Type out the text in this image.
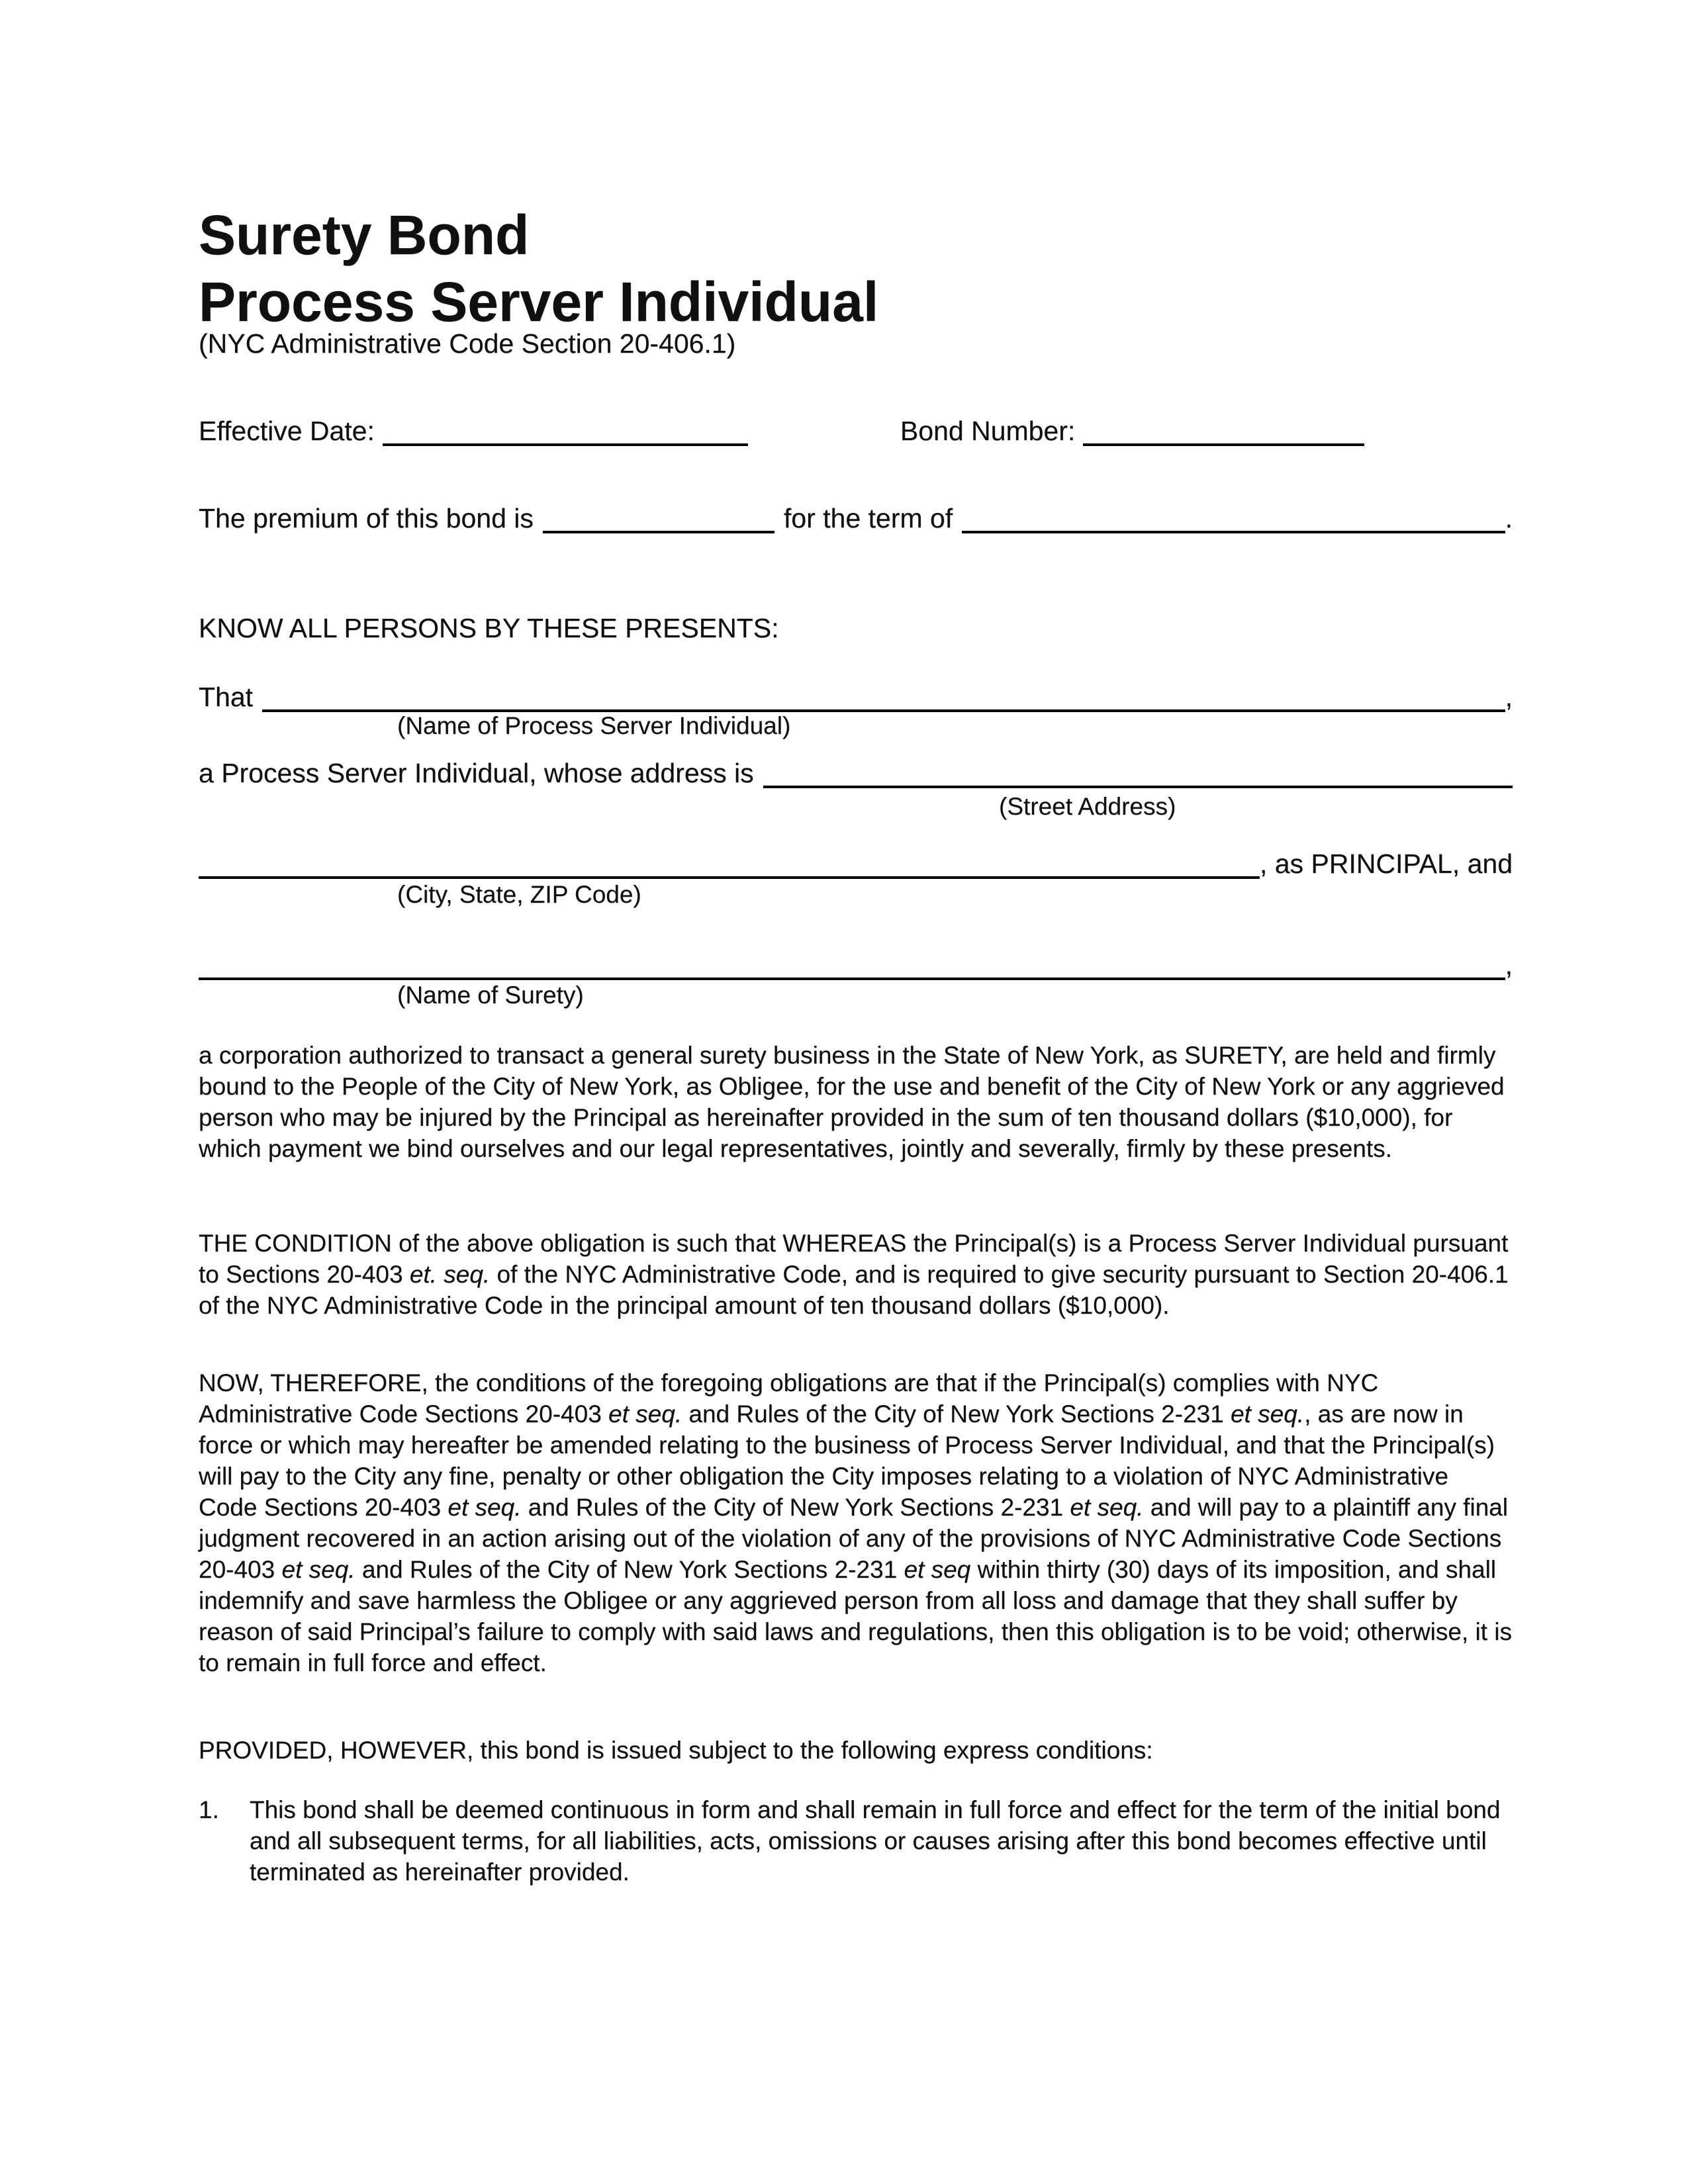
Surety Bond
Process Server Individual
(NYC Administrative Code Section 20-406.1)
Effective Date:	Bond Number:
The premium of this bond is	for the term of	.
KNOW ALL PERSONS BY THESE PRESENTS:
That	,
(Name of Process Server Individual)
a Process Server Individual, whose address is
(Street Address)
, as PRINCIPAL, and
(City, State, ZIP Code)
,
(Name of Surety)
a corporation authorized to transact a general surety business in the State of New York, as SURETY, are held and firmly bound to the People of the City of New York, as Obligee, for the use and benefit of the City of New York or any aggrieved person who may be injured by the Principal as hereinafter provided in the sum of ten thousand dollars ($10,000), for which payment we bind ourselves and our legal representatives, jointly and severally, firmly by these presents.
THE CONDITION of the above obligation is such that WHEREAS the Principal(s) is a Process Server Individual pursuant to Sections 20-403 et. seq. of the NYC Administrative Code, and is required to give security pursuant to Section 20-406.1 of the NYC Administrative Code in the principal amount of ten thousand dollars ($10,000).
NOW, THEREFORE, the conditions of the foregoing obligations are that if the Principal(s) complies with NYC Administrative Code Sections 20-403 et seq. and Rules of the City of New York Sections 2-231 et seq., as are now in force or which may hereafter be amended relating to the business of Process Server Individual, and that the Principal(s) will pay to the City any fine, penalty or other obligation the City imposes relating to a violation of NYC Administrative Code Sections 20-403 et seq. and Rules of the City of New York Sections 2-231 et seq. and will pay to a plaintiff any final judgment recovered in an action arising out of the violation of any of the provisions of NYC Administrative Code Sections 20-403 et seq. and Rules of the City of New York Sections 2-231 et seq within thirty (30) days of its imposition, and shall indemnify and save harmless the Obligee or any aggrieved person from all loss and damage that they shall suffer by reason of said Principal’s failure to comply with said laws and regulations, then this obligation is to be void; otherwise, it is to remain in full force and effect.
PROVIDED, HOWEVER, this bond is issued subject to the following express conditions:
1.	This bond shall be deemed continuous in form and shall remain in full force and effect for the term of the initial bond and all subsequent terms, for all liabilities, acts, omissions or causes arising after this bond becomes effective until terminated as hereinafter provided.
